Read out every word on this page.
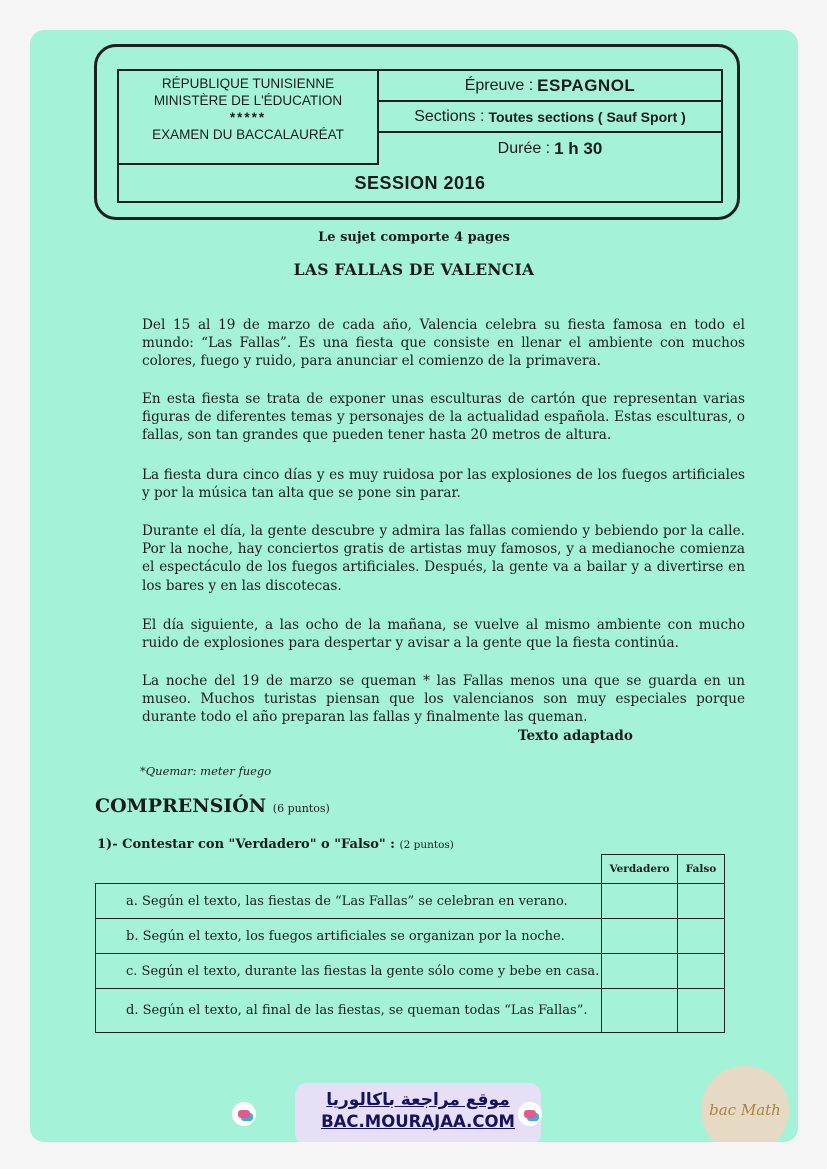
RÉPUBLIQUE TUNISIENNE
MINISTÈRE DE L'ÉDUCATION
*****
EXAMEN DU BACCALAURÉAT
Épreuve : ESPAGNOL
Sections : Toutes sections ( Sauf Sport )
Durée : 1 h 30
SESSION 2016
Le sujet comporte 4 pages
LAS FALLAS DE VALENCIA

Del 15 al 19 de marzo de cada año, Valencia celebra su fiesta famosa en todo el mundo: “Las Fallas”. Es una fiesta que consiste en llenar el ambiente con muchos colores, fuego y ruido, para anunciar el comienzo de la primavera.

En esta fiesta se trata de exponer unas esculturas de cartón que representan varias figuras de diferentes temas y personajes de la actualidad española. Estas esculturas, o fallas, son tan grandes que pueden tener hasta 20 metros de altura.

La fiesta dura cinco días y es muy ruidosa por las explosiones de los fuegos artificiales y por la música tan alta que se pone sin parar.

Durante el día, la gente descubre y admira las fallas comiendo y bebiendo por la calle. Por la noche, hay conciertos gratis de artistas muy famosos, y a medianoche comienza el espectáculo de los fuegos artificiales. Después, la gente va a bailar y a divertirse en los bares y en las discotecas.

El día siguiente, a las ocho de la mañana, se vuelve al mismo ambiente con mucho ruido de explosiones para despertar y avisar a la gente que la fiesta continúa.

La noche del 19 de marzo se queman * las Fallas menos una que se guarda en un museo. Muchos turistas piensan que los valencianos son muy especiales porque durante todo el año preparan las fallas y finalmente las queman.

Texto adaptado
*Quemar: meter fuego
COMPRENSIÓN (6 puntos)
1)- Contestar con "Verdadero" o "Falso" : (2 puntos)
	Verdadero	Falso
a. Según el texto, las fiestas de “Las Fallas” se celebran en verano.		
b. Según el texto, los fuegos artificiales se organizan por la noche.		
c. Según el texto, durante las fiestas la gente sólo come y bebe en casa.		
d. Según el texto, al final de las fiestas, se queman todas “Las Fallas”.		
موقع مراجعة باكالوريا
BAC.MOURAJAA.COM
bac Math
